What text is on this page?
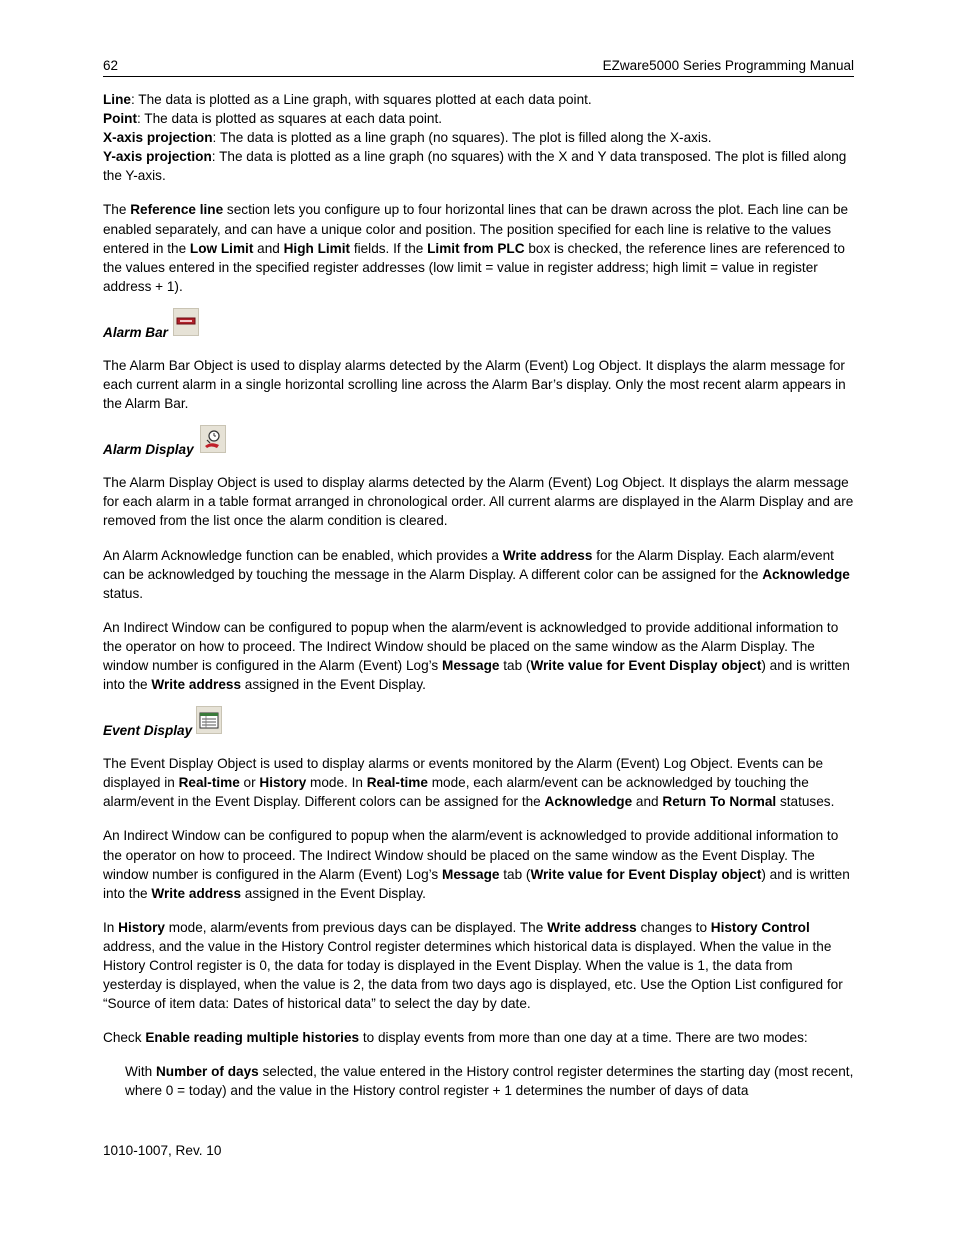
62	EZware5000 Series Programming Manual

Line: The data is plotted as a Line graph, with squares plotted at each data point.

Point: The data is plotted as squares at each data point.

X-axis projection: The data is plotted as a line graph (no squares). The plot is filled along the X-axis.

Y-axis projection: The data is plotted as a line graph (no squares) with the X and Y data transposed. The plot is filled along the Y-axis.

The Reference line section lets you configure up to four horizontal lines that can be drawn across the plot. Each line can be enabled separately, and can have a unique color and position. The position specified for each line is relative to the values entered in the Low Limit and High Limit fields. If the Limit from PLC box is checked, the reference lines are referenced to the values entered in the specified register addresses (low limit = value in register address; high limit = value in register address + 1).

Alarm Bar

The Alarm Bar Object is used to display alarms detected by the Alarm (Event) Log Object. It displays the alarm message for each current alarm in a single horizontal scrolling line across the Alarm Bar’s display. Only the most recent alarm appears in the Alarm Bar.

Alarm Display

The Alarm Display Object is used to display alarms detected by the Alarm (Event) Log Object. It displays the alarm message for each alarm in a table format arranged in chronological order. All current alarms are displayed in the Alarm Display and are removed from the list once the alarm condition is cleared.

An Alarm Acknowledge function can be enabled, which provides a Write address for the Alarm Display. Each alarm/event can be acknowledged by touching the message in the Alarm Display. A different color can be assigned for the Acknowledge status.

An Indirect Window can be configured to popup when the alarm/event is acknowledged to provide additional information to the operator on how to proceed. The Indirect Window should be placed on the same window as the Alarm Display. The window number is configured in the Alarm (Event) Log’s Message tab (Write value for Event Display object) and is written into the Write address assigned in the Event Display.

Event Display

The Event Display Object is used to display alarms or events monitored by the Alarm (Event) Log Object. Events can be displayed in Real-time or History mode. In Real-time mode, each alarm/event can be acknowledged by touching the alarm/event in the Event Display. Different colors can be assigned for the Acknowledge and Return To Normal statuses.

An Indirect Window can be configured to popup when the alarm/event is acknowledged to provide additional information to the operator on how to proceed. The Indirect Window should be placed on the same window as the Event Display. The window number is configured in the Alarm (Event) Log’s Message tab (Write value for Event Display object) and is written into the Write address assigned in the Event Display.

In History mode, alarm/events from previous days can be displayed. The Write address changes to History Control address, and the value in the History Control register determines which historical data is displayed. When the value in the History Control register is 0, the data for today is displayed in the Event Display. When the value is 1, the data from yesterday is displayed, when the value is 2, the data from two days ago is displayed, etc. Use the Option List configured for “Source of item data: Dates of historical data” to select the day by date.

Check Enable reading multiple histories to display events from more than one day at a time. There are two modes:

With Number of days selected, the value entered in the History control register determines the starting day (most recent, where 0 = today) and the value in the History control register + 1 determines the number of days of data

1010-1007, Rev. 10
